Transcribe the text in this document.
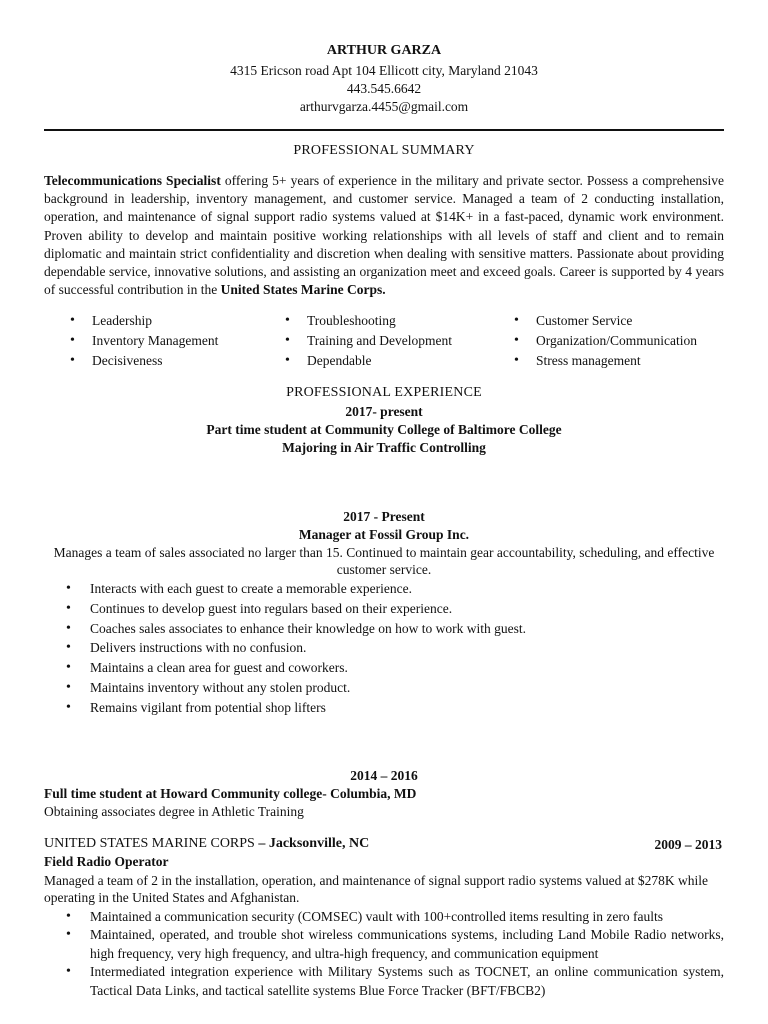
ARTHUR GARZA
4315 Ericson road Apt 104 Ellicott city, Maryland 21043
443.545.6642
arthurvgarza.4455@gmail.com
PROFESSIONAL SUMMARY
Telecommunications Specialist offering 5+ years of experience in the military and private sector. Possess a comprehensive background in leadership, inventory management, and customer service. Managed a team of 2 conducting installation, operation, and maintenance of signal support radio systems valued at $14K+ in a fast-paced, dynamic work environment. Proven ability to develop and maintain positive working relationships with all levels of staff and client and to remain diplomatic and maintain strict confidentiality and discretion when dealing with sensitive matters. Passionate about providing dependable service, innovative solutions, and assisting an organization meet and exceed goals. Career is supported by 4 years of successful contribution in the United States Marine Corps.
• Leadership
• Inventory Management
• Decisiveness
• Troubleshooting
• Training and Development
• Dependable
• Customer Service
• Organization/Communication
• Stress management
PROFESSIONAL EXPERIENCE
2017- present
Part time student at Community College of Baltimore College
Majoring in Air Traffic Controlling
2017 - Present
Manager at Fossil Group Inc.
Manages a team of sales associated no larger than 15. Continued to maintain gear accountability, scheduling, and effective customer service.
• Interacts with each guest to create a memorable experience.
• Continues to develop guest into regulars based on their experience.
• Coaches sales associates to enhance their knowledge on how to work with guest.
• Delivers instructions with no confusion.
• Maintains a clean area for guest and coworkers.
• Maintains inventory without any stolen product.
• Remains vigilant from potential shop lifters
2014 – 2016
Full time student at Howard Community college- Columbia, MD
Obtaining associates degree in Athletic Training
UNITED STATES MARINE CORPS – Jacksonville, NC	2009 – 2013
Field Radio Operator
Managed a team of 2 in the installation, operation, and maintenance of signal support radio systems valued at $278K while operating in the United States and Afghanistan.
• Maintained a communication security (COMSEC) vault with 100+controlled items resulting in zero faults
• Maintained, operated, and trouble shot wireless communications systems, including Land Mobile Radio networks, high frequency, very high frequency, and ultra-high frequency, and communication equipment
• Intermediated integration experience with Military Systems such as TOCNET, an online communication system, Tactical Data Links, and tactical satellite systems Blue Force Tracker (BFT/FBCB2)
